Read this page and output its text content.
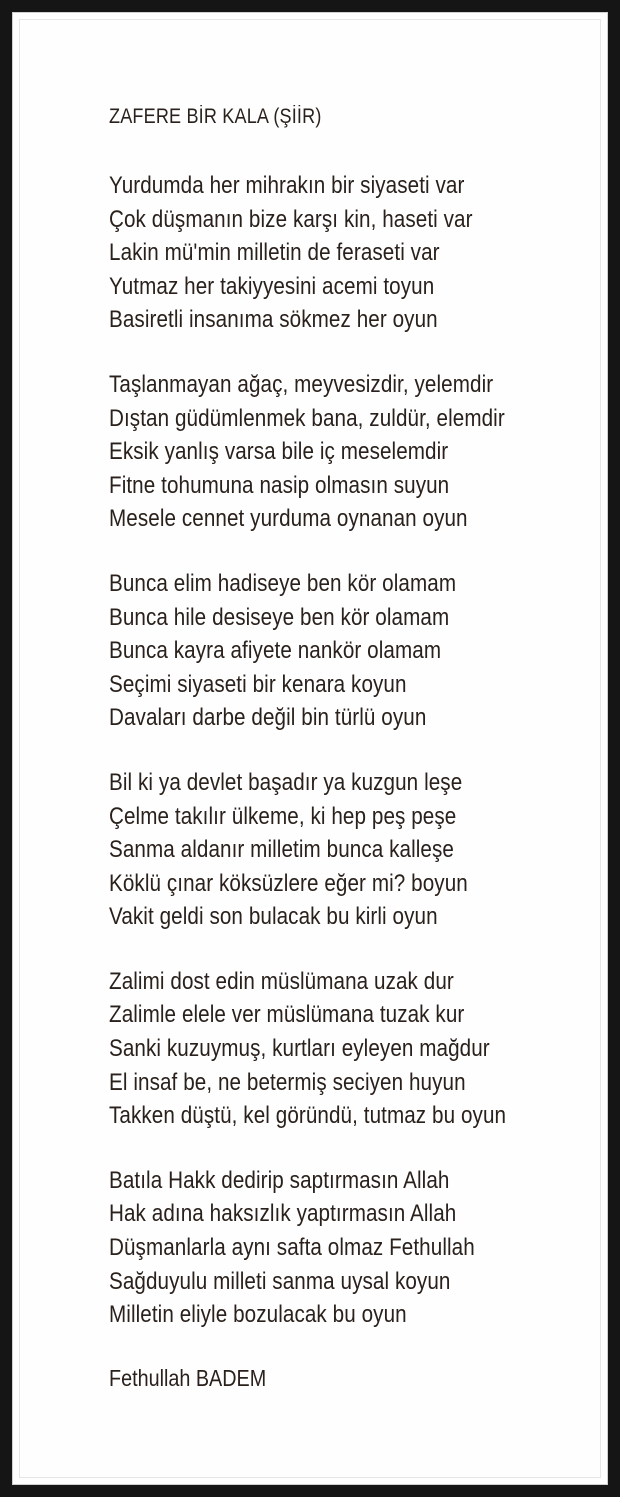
ZAFERE BİR KALA (ŞİİR)
Yurdumda her mihrakın bir siyaseti var
Çok düşmanın bize karşı kin, haseti var
Lakin mü'min milletin de feraseti var
Yutmaz her takiyyesini acemi toyun
Basiretli insanıma sökmez her oyun
Taşlanmayan ağaç, meyvesizdir, yelemdir
Dıştan güdümlenmek bana, zuldür, elemdir
Eksik yanlış varsa bile iç meselemdir
Fitne tohumuna nasip olmasın suyun
Mesele cennet yurduma oynanan oyun
Bunca elim hadiseye ben kör olamam
Bunca hile desiseye ben kör olamam
Bunca kayra afiyete nankör olamam
Seçimi siyaseti bir kenara koyun
Davaları darbe değil bin türlü oyun
Bil ki ya devlet başadır ya kuzgun leşe
Çelme takılır ülkeme, ki hep peş peşe
Sanma aldanır milletim bunca kalleşe
Köklü çınar köksüzlere eğer mi? boyun
Vakit geldi son bulacak bu kirli oyun
Zalimi dost edin müslümana uzak dur
Zalimle elele ver müslümana tuzak kur
Sanki kuzuymuş, kurtları eyleyen mağdur
El insaf be, ne betermiş seciyen huyun
Takken düştü, kel göründü, tutmaz bu oyun
Batıla Hakk dedirip saptırmasın Allah
Hak adına haksızlık yaptırmasın Allah
Düşmanlarla aynı safta olmaz Fethullah
Sağduyulu milleti sanma uysal koyun
Milletin eliyle bozulacak bu oyun
Fethullah BADEM
